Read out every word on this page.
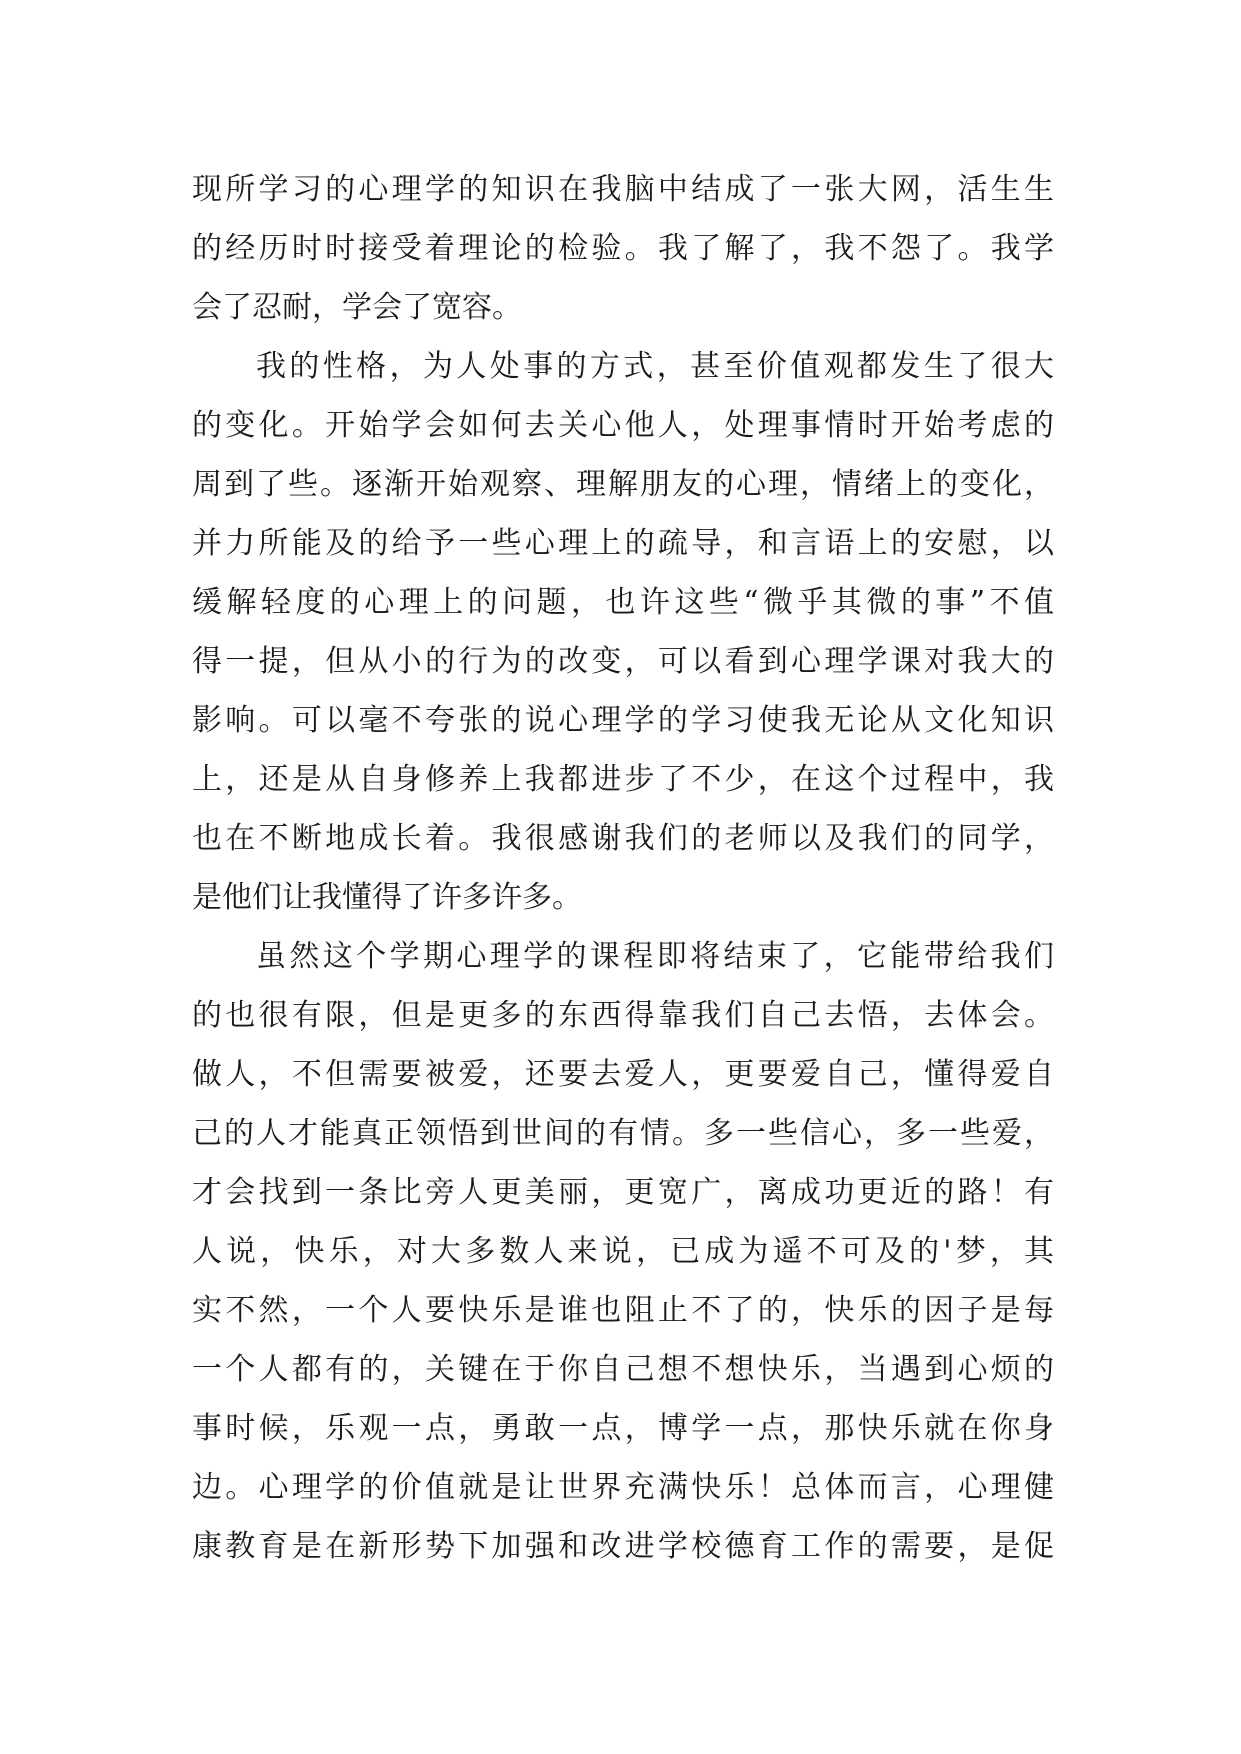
现所学习的心理学的知识在我脑中结成了一张大网，活生生
的经历时时接受着理论的检验。我了解了，我不怨了。我学
会了忍耐，学会了宽容。
我的性格，为人处事的方式，甚至价值观都发生了很大
的变化。开始学会如何去关心他人，处理事情时开始考虑的
周到了些。逐渐开始观察、理解朋友的心理，情绪上的变化，
并力所能及的给予一些心理上的疏导，和言语上的安慰，以
缓解轻度的心理上的问题，也许这些“微乎其微的事”不值
得一提，但从小的行为的改变，可以看到心理学课对我大的
影响。可以毫不夸张的说心理学的学习使我无论从文化知识
上，还是从自身修养上我都进步了不少，在这个过程中，我
也在不断地成长着。我很感谢我们的老师以及我们的同学，
是他们让我懂得了许多许多。
虽然这个学期心理学的课程即将结束了，它能带给我们
的也很有限，但是更多的东西得靠我们自己去悟，去体会。
做人，不但需要被爱，还要去爱人，更要爱自己，懂得爱自
己的人才能真正领悟到世间的有情。多一些信心，多一些爱，
才会找到一条比旁人更美丽，更宽广，离成功更近的路！有
人说，快乐，对大多数人来说，已成为遥不可及的'梦，其
实不然，一个人要快乐是谁也阻止不了的，快乐的因子是每
一个人都有的，关键在于你自己想不想快乐，当遇到心烦的
事时候，乐观一点，勇敢一点，博学一点，那快乐就在你身
边。心理学的价值就是让世界充满快乐！总体而言，心理健
康教育是在新形势下加强和改进学校德育工作的需要，是促
